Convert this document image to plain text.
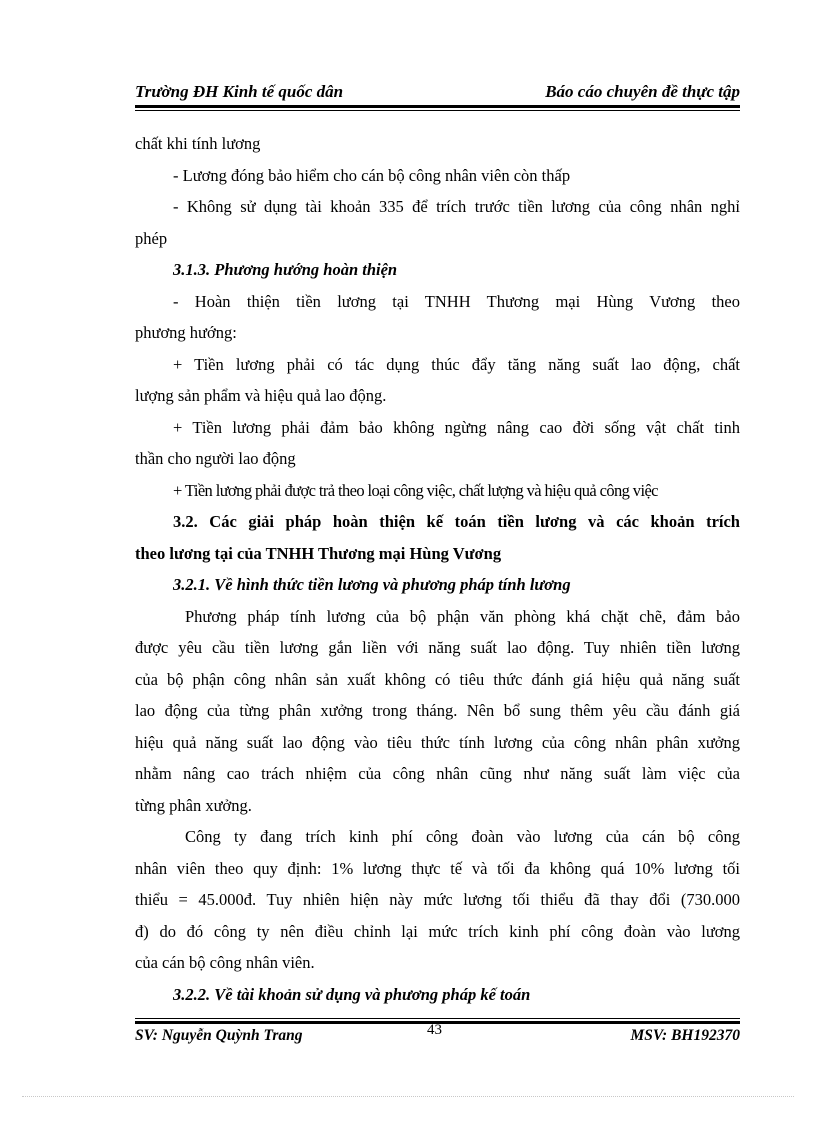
Trường ĐH Kinh tế quốc dân	Báo cáo chuyên đề thực tập
chất khi tính lương
- Lương đóng bảo hiểm cho cán bộ công nhân viên còn thấp
- Không sử dụng tài khoản 335 để trích trước tiền lương của công nhân nghỉ
phép
3.1.3. Phương hướng hoàn thiện
- Hoàn thiện tiền lương tại TNHH Thương mại Hùng Vương theo
phương hướng:
+ Tiền lương phải có tác dụng thúc đẩy tăng năng suất lao động, chất
lượng sản phẩm và hiệu quả lao động.
+ Tiền lương phải đảm bảo không ngừng nâng cao đời sống vật chất tinh
thần cho người lao động
+ Tiền lương phải được trả theo loại công việc, chất lượng và hiệu quả công việc
3.2. Các giải pháp hoàn thiện kế toán tiền lương và các khoản trích
theo lương tại của TNHH Thương mại Hùng Vương
3.2.1. Về hình thức tiền lương và phương pháp tính lương
Phương pháp tính lương của bộ phận văn phòng khá chặt chẽ, đảm bảo
được yêu cầu tiền lương gắn liền với năng suất lao động. Tuy nhiên tiền lương
của bộ phận công nhân sản xuất không có tiêu thức đánh giá hiệu quả năng suất
lao động của từng phân xưởng trong tháng. Nên bổ sung thêm yêu cầu đánh giá
hiệu quả năng suất lao động vào tiêu thức tính lương của công nhân phân xưởng
nhằm nâng cao trách nhiệm của công nhân cũng như năng suất làm việc của
từng phân xưởng.
Công ty đang trích kinh phí công đoàn vào lương của cán bộ công
nhân viên theo quy định: 1% lương thực tế và tối đa không quá 10% lương tối
thiểu = 45.000đ. Tuy nhiên hiện này mức lương tối thiểu đã thay đổi (730.000
đ) do đó công ty nên điều chỉnh lại mức trích kinh phí công đoàn vào lương
của cán bộ công nhân viên.
3.2.2. Về tài khoản sử dụng và phương pháp kế toán
43
SV: Nguyễn Quỳnh Trang	MSV: BH192370
